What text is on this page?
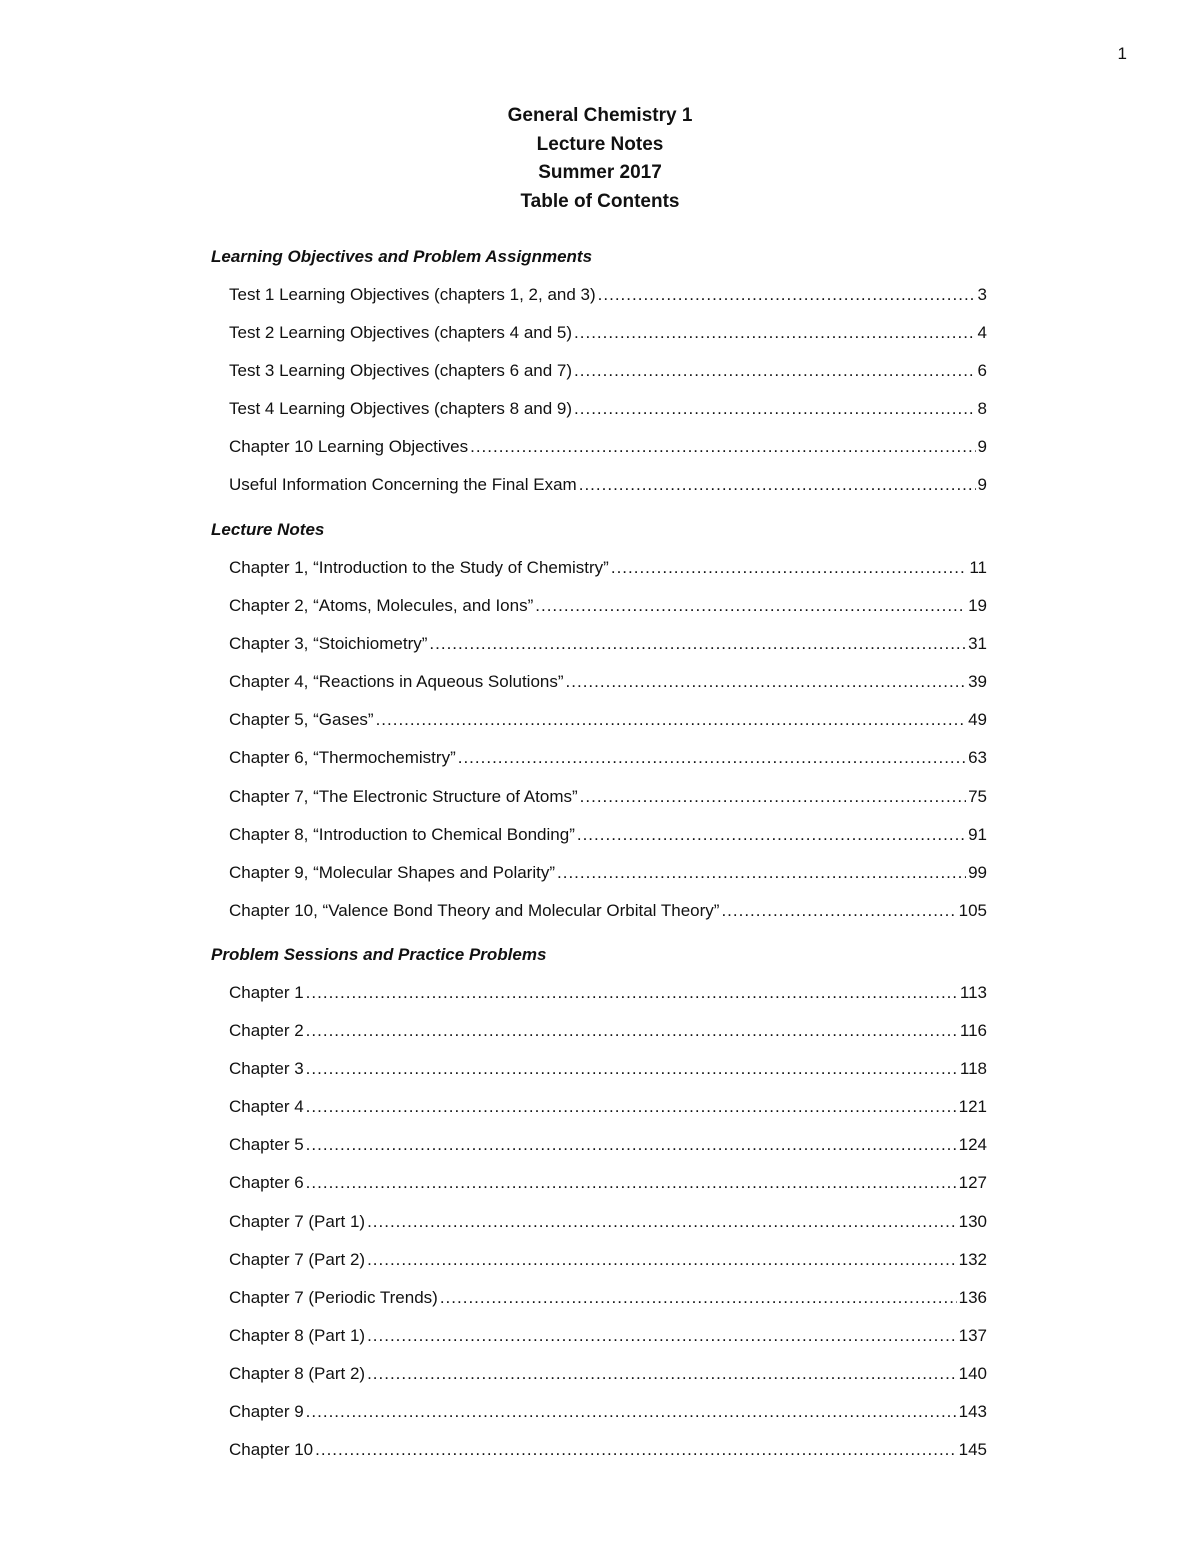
1
General Chemistry 1
Lecture Notes
Summer 2017
Table of Contents
Learning Objectives and Problem Assignments
Test 1 Learning Objectives (chapters 1, 2, and 3) .....	3
Test 2 Learning Objectives (chapters 4 and 5) .....	4
Test 3 Learning Objectives (chapters 6 and 7) .....	6
Test 4 Learning Objectives (chapters 8 and 9) .....	8
Chapter 10 Learning Objectives .....	9
Useful Information Concerning the Final Exam .....	9
Lecture Notes
Chapter 1, “Introduction to the Study of Chemistry” .....	11
Chapter 2, “Atoms, Molecules, and Ions” .....	19
Chapter 3, “Stoichiometry” .....	31
Chapter 4, “Reactions in Aqueous Solutions” .....	39
Chapter 5, “Gases” .....	49
Chapter 6, “Thermochemistry” .....	63
Chapter 7, “The Electronic Structure of Atoms” .....	75
Chapter 8, “Introduction to Chemical Bonding” .....	91
Chapter 9, “Molecular Shapes and Polarity” .....	99
Chapter 10, “Valence Bond Theory and Molecular Orbital Theory” .....	105
Problem Sessions and Practice Problems
Chapter 1 .....	113
Chapter 2 .....	116
Chapter 3 .....	118
Chapter 4 .....	121
Chapter 5 .....	124
Chapter 6 .....	127
Chapter 7 (Part 1) .....	130
Chapter 7 (Part 2) .....	132
Chapter 7 (Periodic Trends) .....	136
Chapter 8 (Part 1) .....	137
Chapter 8 (Part 2) .....	140
Chapter 9 .....	143
Chapter 10 .....	145
